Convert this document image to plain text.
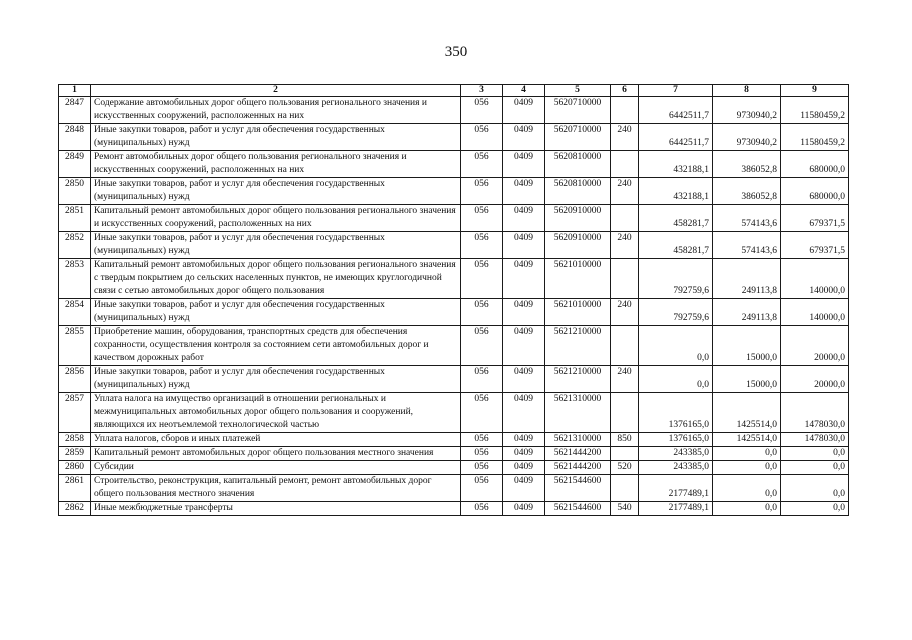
350
1	2	3	4	5	6	7	8	9
2847	Содержание автомобильных дорог общего пользования регионального значения и искусственных сооружений, расположенных на них	056	0409	5620710000		6442511,7	9730940,2	11580459,2
2848	Иные закупки товаров, работ и услуг для обеспечения государственных (муниципальных) нужд	056	0409	5620710000	240	6442511,7	9730940,2	11580459,2
2849	Ремонт автомобильных дорог общего пользования регионального значения и искусственных сооружений, расположенных на них	056	0409	5620810000		432188,1	386052,8	680000,0
2850	Иные закупки товаров, работ и услуг для обеспечения государственных (муниципальных) нужд	056	0409	5620810000	240	432188,1	386052,8	680000,0
2851	Капитальный ремонт автомобильных дорог общего пользования регионального значения и искусственных сооружений, расположенных на них	056	0409	5620910000		458281,7	574143,6	679371,5
2852	Иные закупки товаров, работ и услуг для обеспечения государственных (муниципальных) нужд	056	0409	5620910000	240	458281,7	574143,6	679371,5
2853	Капитальный ремонт автомобильных дорог общего пользования регионального значения с твердым покрытием до сельских населенных пунктов, не имеющих круглогодичной связи с сетью автомобильных дорог общего пользования	056	0409	5621010000		792759,6	249113,8	140000,0
2854	Иные закупки товаров, работ и услуг для обеспечения государственных (муниципальных) нужд	056	0409	5621010000	240	792759,6	249113,8	140000,0
2855	Приобретение машин, оборудования, транспортных средств для обеспечения сохранности, осуществления контроля за состоянием сети автомобильных дорог и качеством дорожных работ	056	0409	5621210000		0,0	15000,0	20000,0
2856	Иные закупки товаров, работ и услуг для обеспечения государственных (муниципальных) нужд	056	0409	5621210000	240	0,0	15000,0	20000,0
2857	Уплата налога на имущество организаций в отношении региональных и межмуниципальных автомобильных дорог общего пользования и сооружений, являющихся их неотъемлемой технологической частью	056	0409	5621310000		1376165,0	1425514,0	1478030,0
2858	Уплата налогов, сборов и иных платежей	056	0409	5621310000	850	1376165,0	1425514,0	1478030,0
2859	Капитальный ремонт автомобильных дорог общего пользования местного значения	056	0409	5621444200		243385,0	0,0	0,0
2860	Субсидии	056	0409	5621444200	520	243385,0	0,0	0,0
2861	Строительство, реконструкция, капитальный ремонт, ремонт автомобильных дорог общего пользования местного значения	056	0409	5621544600		2177489,1	0,0	0,0
2862	Иные межбюджетные трансферты	056	0409	5621544600	540	2177489,1	0,0	0,0
